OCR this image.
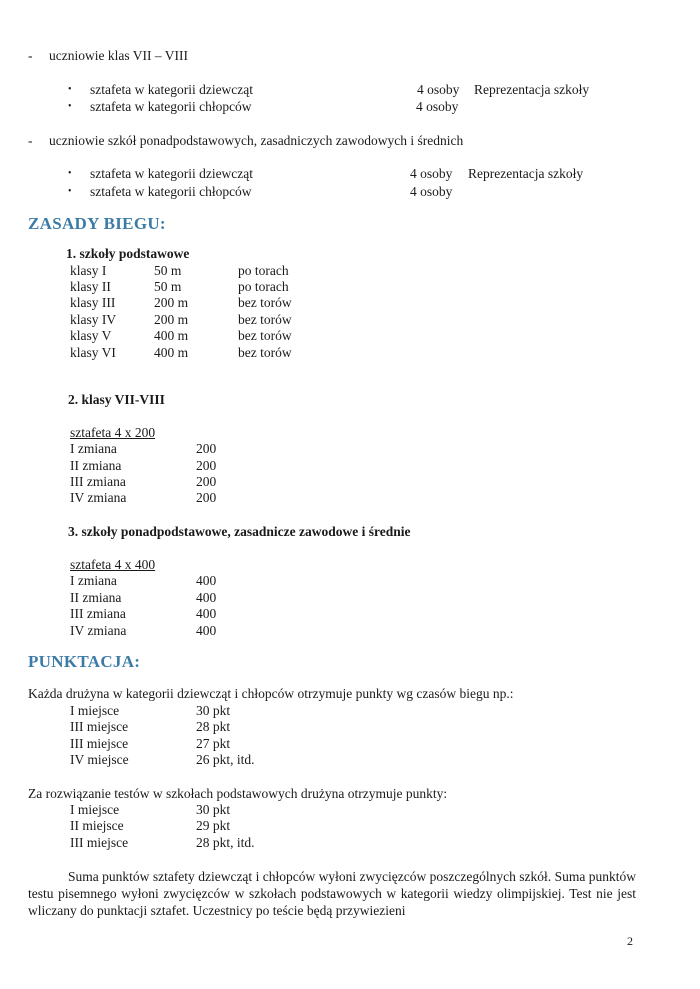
- uczniowie klas VII – VIII
• sztafeta w kategorii dziewcząt	4 osoby Reprezentacja szkoły
• sztafeta w kategorii chłopców	4 osoby
- uczniowie szkół ponadpodstawowych, zasadniczych zawodowych i średnich
• sztafeta w kategorii dziewcząt	4 osoby Reprezentacja szkoły
• sztafeta w kategorii chłopców	4 osoby
ZASADY BIEGU:
1. szkoły podstawowe
klasy I	50 m	po torach
klasy II	50 m	po torach
klasy III	200 m	bez torów
klasy IV	200 m	bez torów
klasy V	400 m	bez torów
klasy VI	400 m	bez torów
2. klasy VII-VIII
sztafeta 4 x 200
I zmiana	200
II zmiana	200
III zmiana	200
IV zmiana	200
3. szkoły ponadpodstawowe, zasadnicze zawodowe i średnie
sztafeta 4 x 400
I zmiana	400
II zmiana	400
III zmiana	400
IV zmiana	400
PUNKTACJA:
Każda drużyna w kategorii dziewcząt i chłopców otrzymuje punkty wg czasów biegu np.:
I miejsce	30 pkt
III miejsce	28 pkt
III miejsce	27 pkt
IV miejsce	26 pkt, itd.
Za rozwiązanie testów w szkołach podstawowych drużyna otrzymuje punkty:
I miejsce	30 pkt
II miejsce	29 pkt
III miejsce	28 pkt, itd.
Suma punktów sztafety dziewcząt i chłopców wyłoni zwycięzców poszczególnych szkół. Suma punktów testu pisemnego wyłoni zwycięzców w szkołach podstawowych w kategorii wiedzy olimpijskiej. Test nie jest wliczany do punktacji sztafet. Uczestnicy po teście będą przywiezieni
2
